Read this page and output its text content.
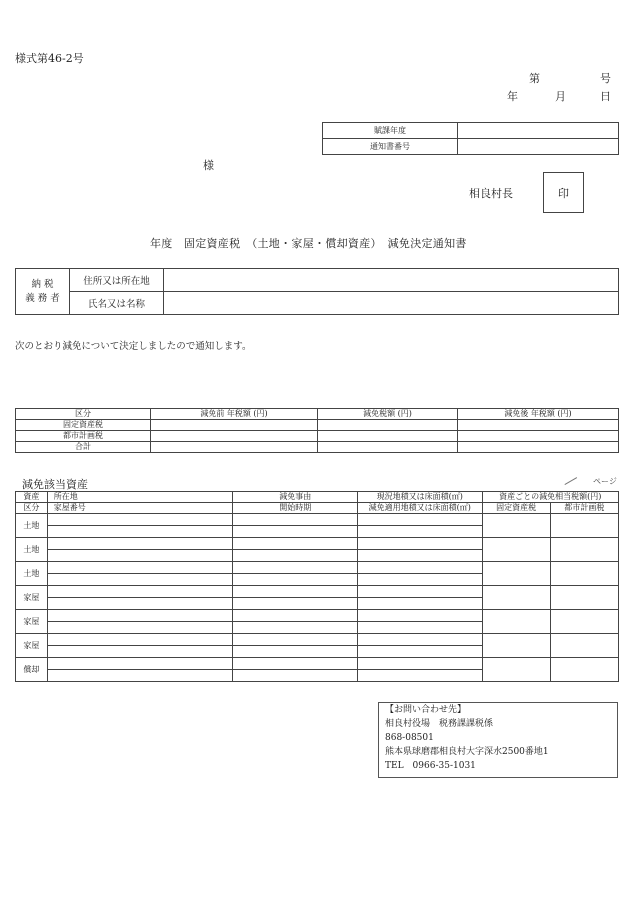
様式第46-2号
第	号
年	月	日
賦課年度	
通知書番号	
様
相良村長	印
年度　固定資産税　（土地・家屋・償却資産）　減免決定通知書
納 税
義 務 者	住所又は所在地	
	氏名又は名称	
次のとおり減免について決定しましたので通知します。
区分	減免前 年税額 (円)	減免税額 (円)	減免後 年税額 (円)
固定資産税			
都市計画税			
合計			
減免該当資産	ページ
資産	所在地	減免事由	現況地積又は床面積(㎡)	資産ごとの減免相当税額(円)	
区分	家屋番号	開始時期	減免適用地積又は床面積(㎡)	固定資産税	都市計画税
土地					

土地					

土地					

家屋					

家屋					

家屋					

償却					

【お問い合わせ先】
相良村役場　税務課課税係
868-08501
熊本県球磨郡相良村大字深水2500番地1
TEL　0966-35-1031
